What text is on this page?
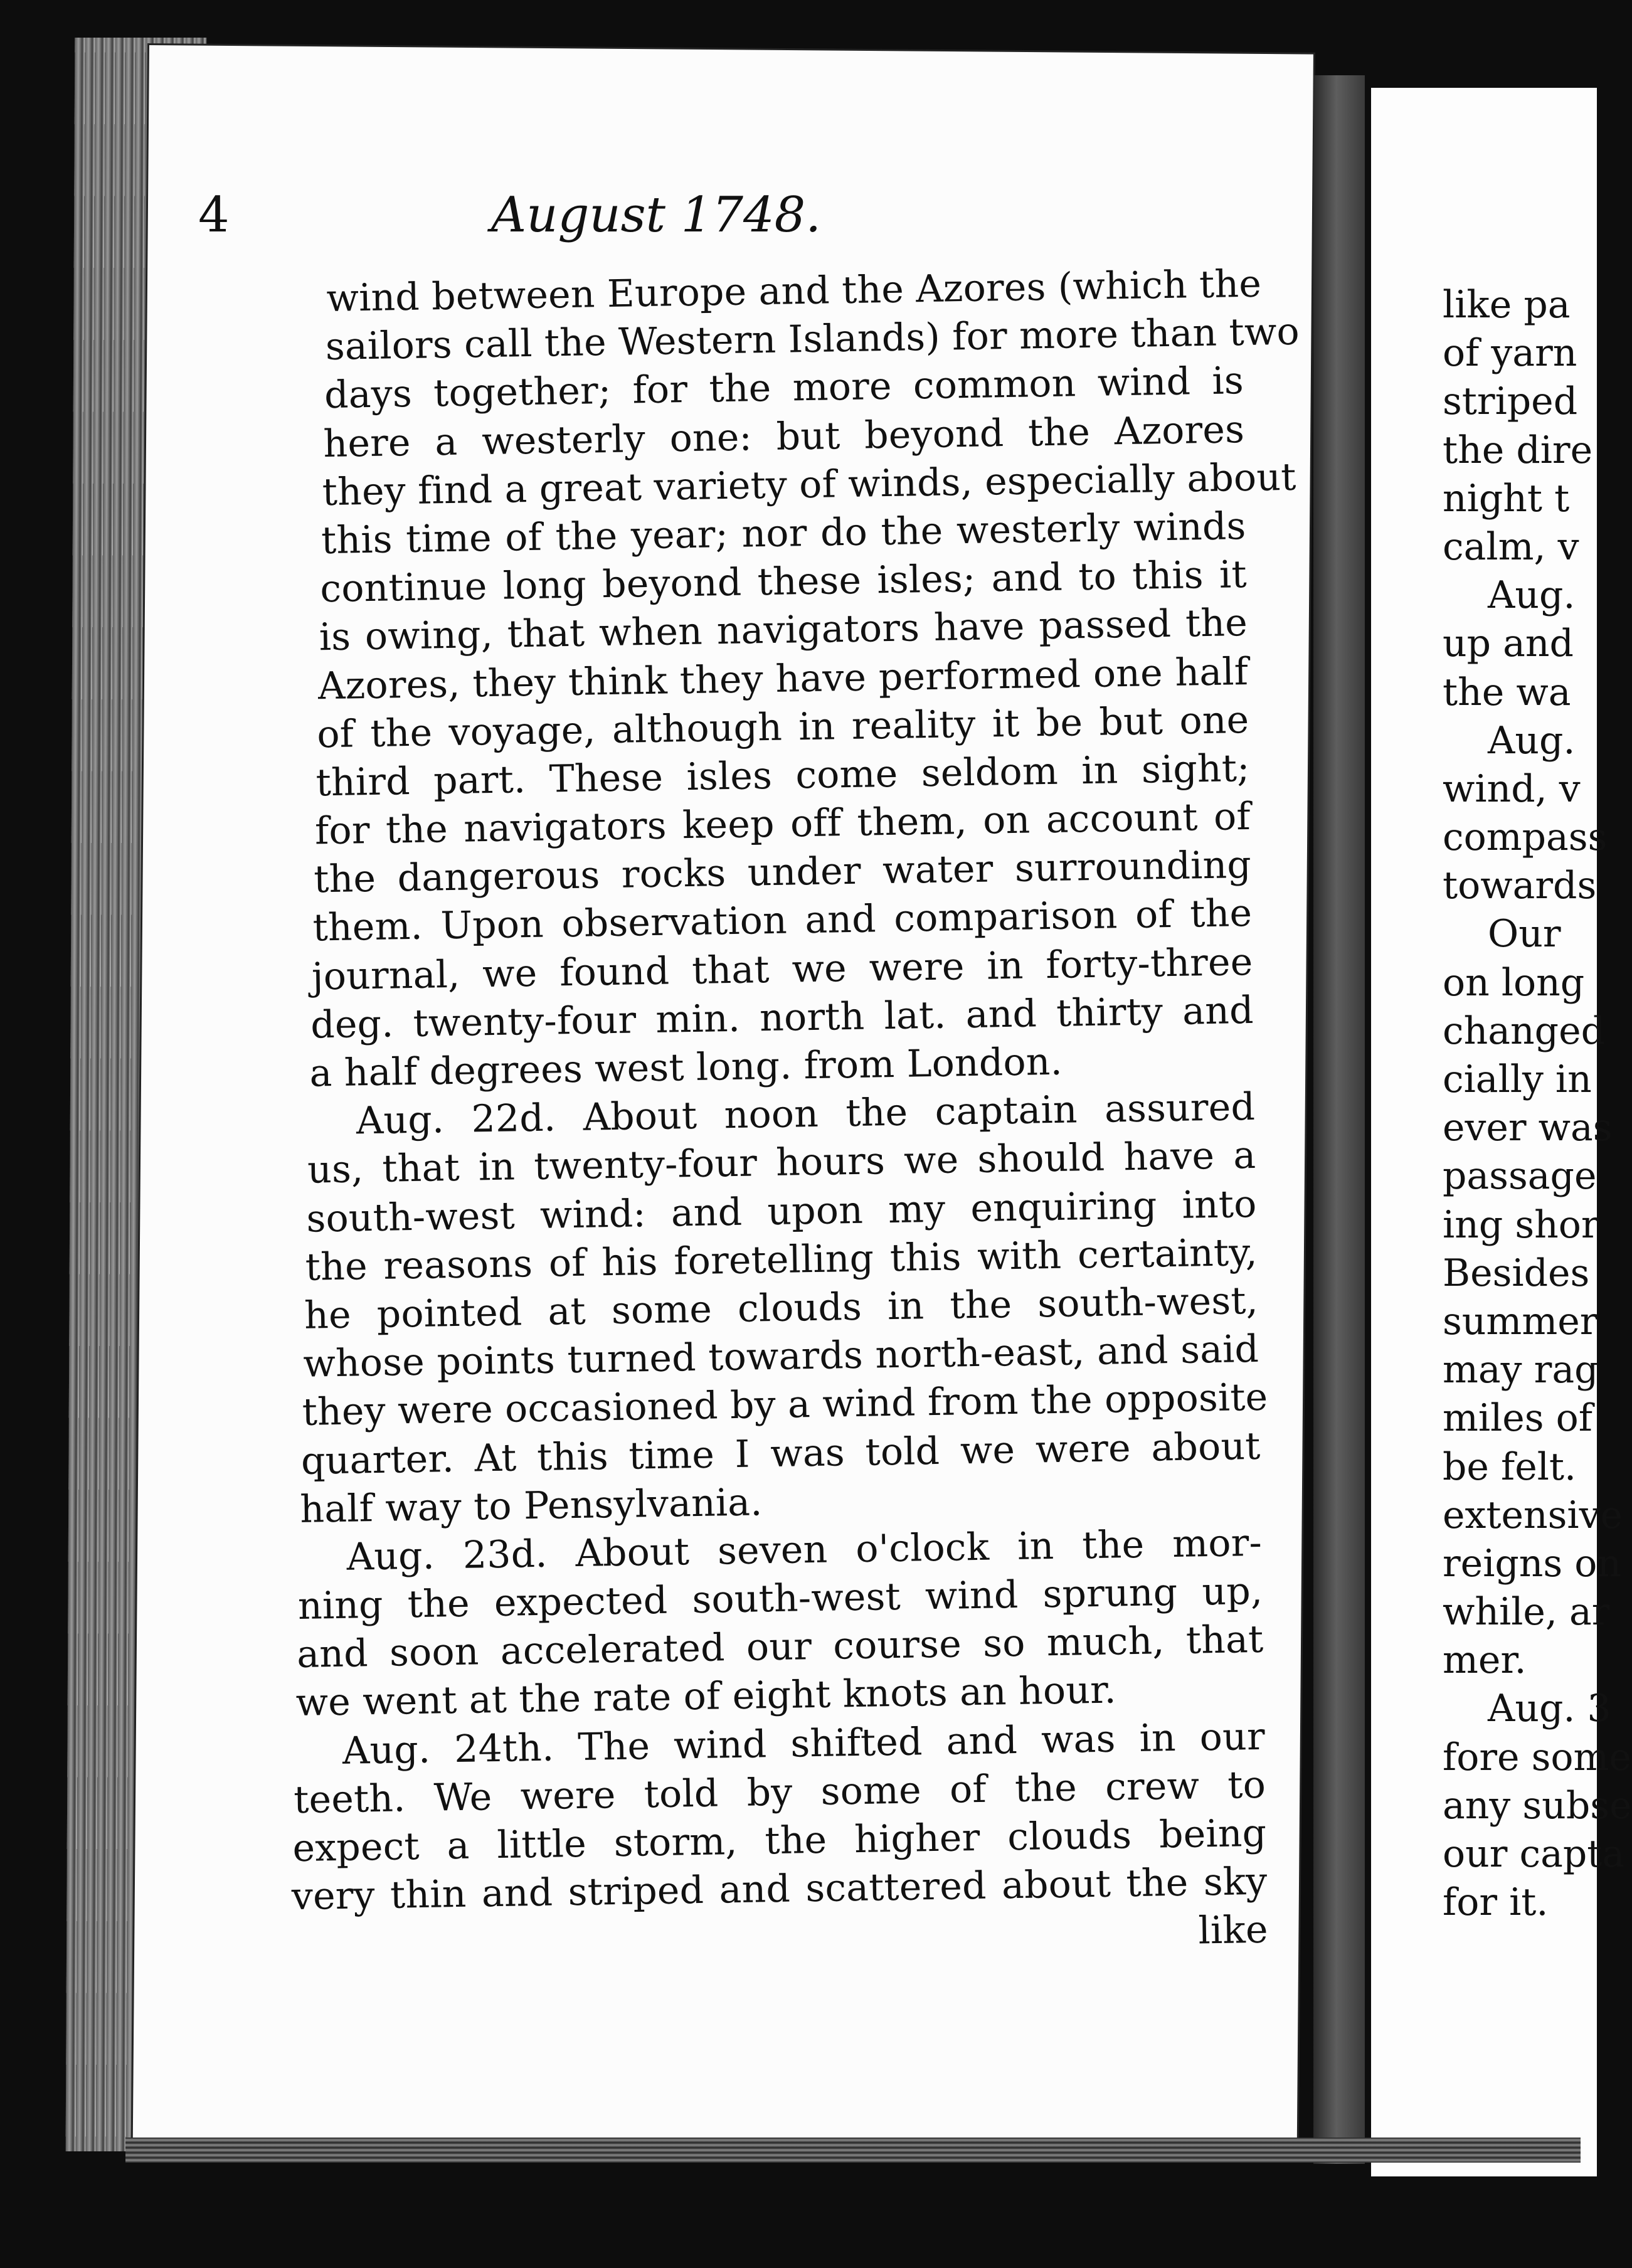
4	August 1748.
wind between Europe and the Azores (which the
sailors call the Western Islands) for more than two
days together; for the more common wind is
here a westerly one: but beyond the Azores
they find a great variety of winds, especially about
this time of the year; nor do the westerly winds
continue long beyond these isles; and to this it
is owing, that when navigators have passed the
Azores, they think they have performed one half
of the voyage, although in reality it be but one
third part. These isles come seldom in sight;
for the navigators keep off them, on account of
the dangerous rocks under water surrounding
them. Upon observation and comparison of the
journal, we found that we were in forty-three
deg. twenty-four min. north lat. and thirty and
a half degrees west long. from London.
Aug. 22d. About noon the captain assured
us, that in twenty-four hours we should have a
south-west wind: and upon my enquiring into
the reasons of his foretelling this with certainty,
he pointed at some clouds in the south-west,
whose points turned towards north-east, and said
they were occasioned by a wind from the opposite
quarter. At this time I was told we were about
half way to Pensylvania.
Aug. 23d. About seven o'clock in the mor-
ning the expected south-west wind sprung up,
and soon accelerated our course so much, that
we went at the rate of eight knots an hour.
Aug. 24th. The wind shifted and was in our
teeth. We were told by some of the crew to
expect a little storm, the higher clouds being
very thin and striped and scattered about the sky
like
like pa
of yarn
striped
the dire
night t
calm, v
Aug.
up and
the wa
Aug.
wind, v
compass
towards
Our
on long
changed
cially in
ever was
passage
ing shor
Besides
summer
may rag
miles of
be felt.
extensive
reigns on
while, ar
mer.
Aug. 3
fore some
any subse
our capta
for it.
